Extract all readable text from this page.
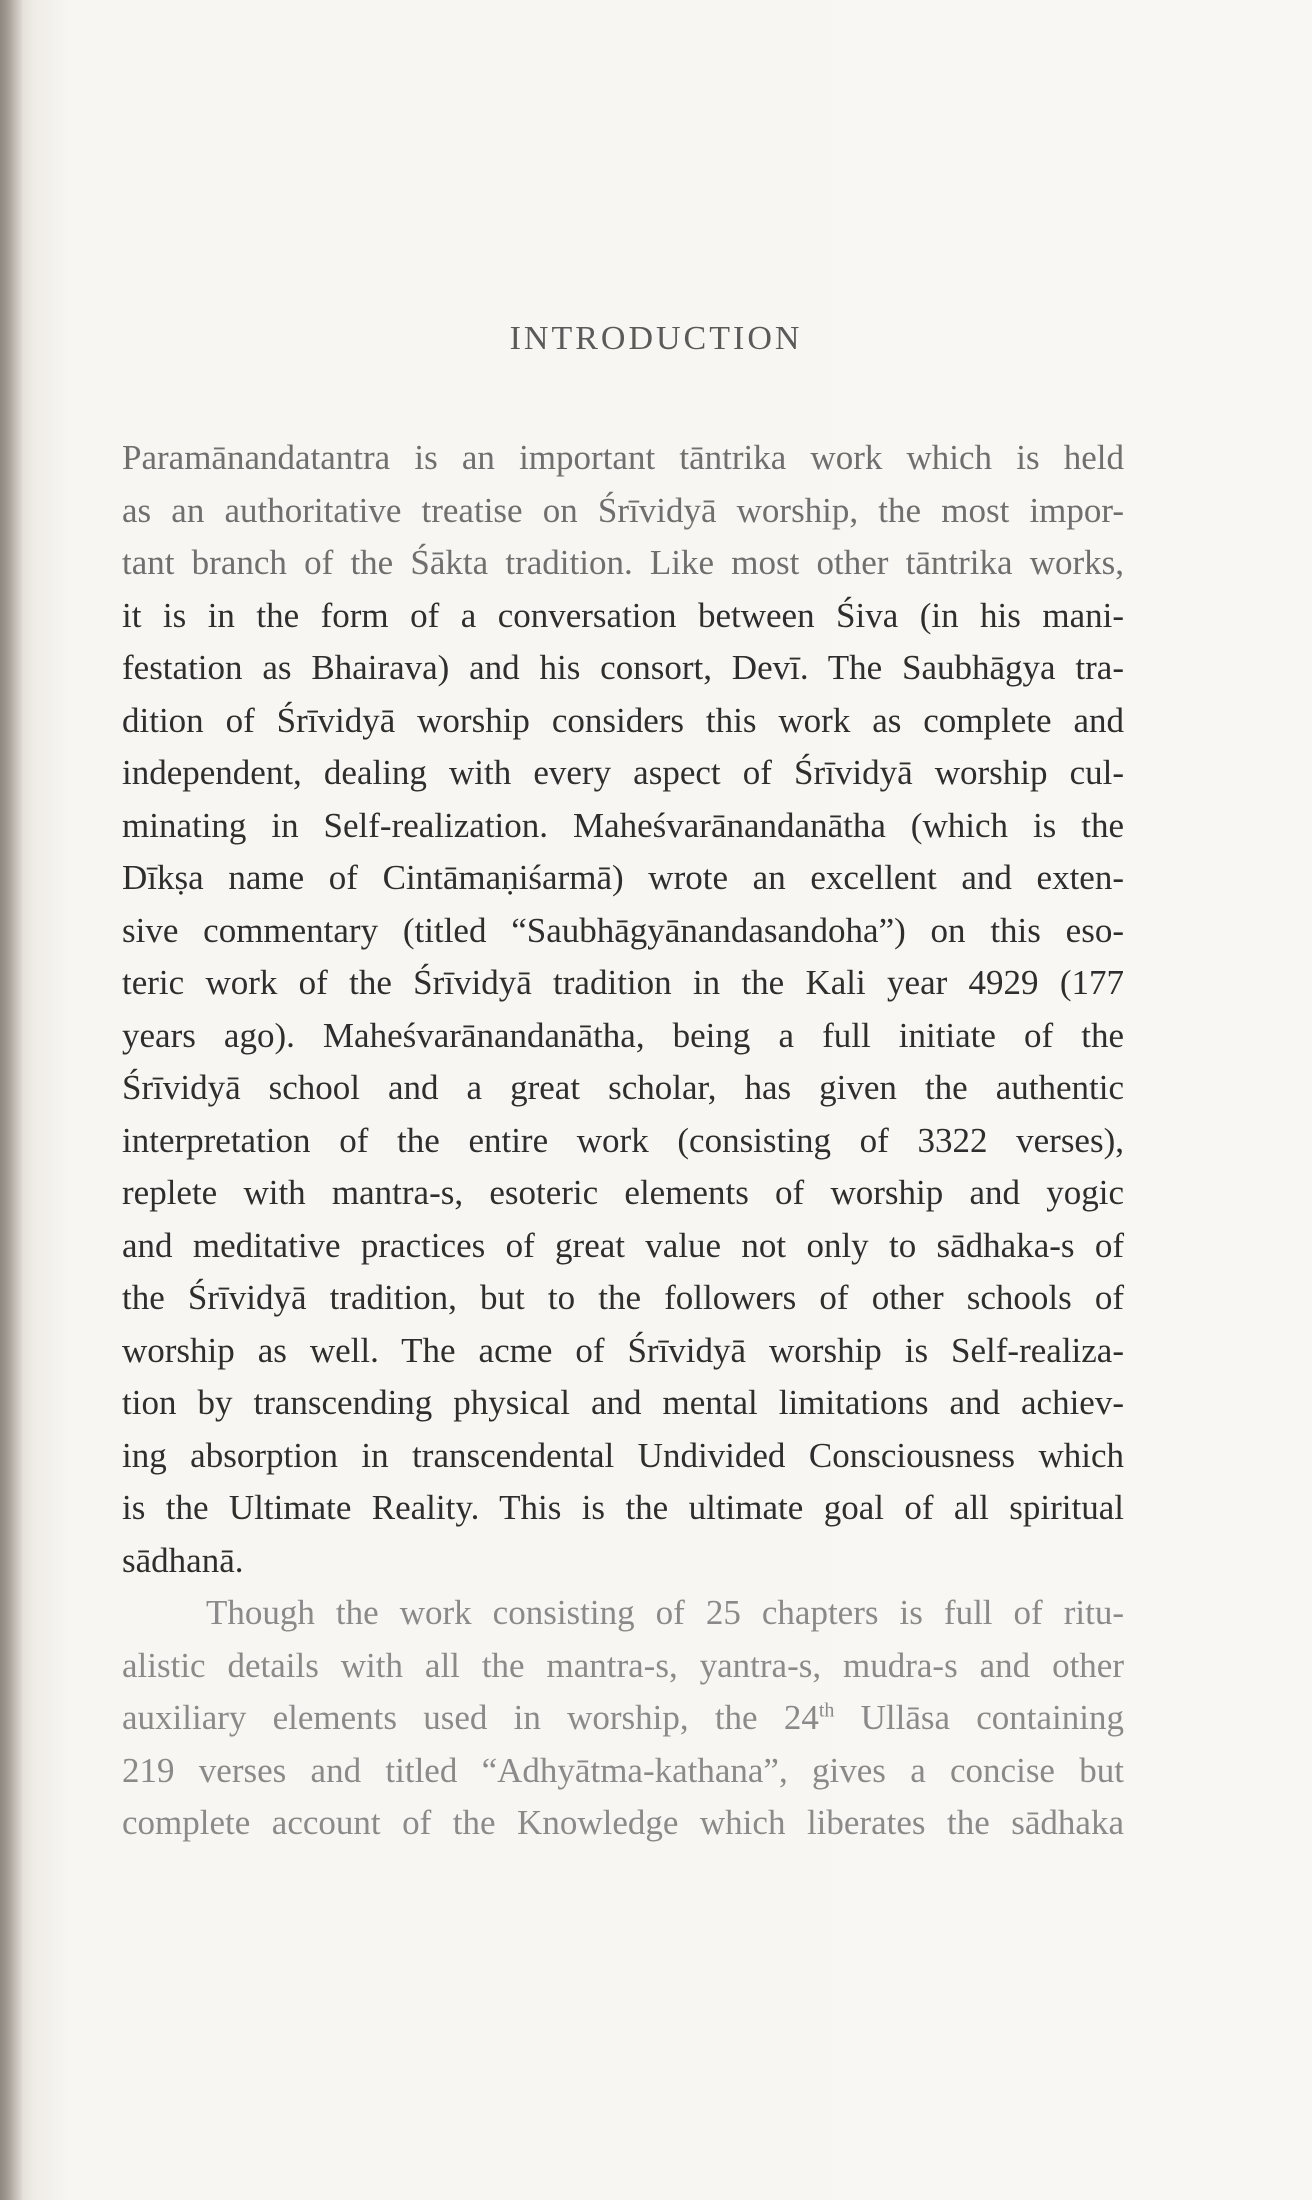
INTRODUCTION
Paramānandatantra is an important tāntrika work which is held
as an authoritative treatise on Śrīvidyā worship, the most impor-
tant branch of the Śākta tradition. Like most other tāntrika works,
it is in the form of a conversation between Śiva (in his mani-
festation as Bhairava) and his consort, Devī. The Saubhāgya tra-
dition of Śrīvidyā worship considers this work as complete and
independent, dealing with every aspect of Śrīvidyā worship cul-
minating in Self-realization. Maheśvarānandanātha (which is the
Dīkṣa name of Cintāmaṇiśarmā) wrote an excellent and exten-
sive commentary (titled “Saubhāgyānandasandoha”) on this eso-
teric work of the Śrīvidyā tradition in the Kali year 4929 (177
years ago). Maheśvarānandanātha, being a full initiate of the
Śrīvidyā school and a great scholar, has given the authentic
interpretation of the entire work (consisting of 3322 verses),
replete with mantra-s, esoteric elements of worship and yogic
and meditative practices of great value not only to sādhaka-s of
the Śrīvidyā tradition, but to the followers of other schools of
worship as well. The acme of Śrīvidyā worship is Self-realiza-
tion by transcending physical and mental limitations and achiev-
ing absorption in transcendental Undivided Consciousness which
is the Ultimate Reality. This is the ultimate goal of all spiritual
sādhanā.
Though the work consisting of 25 chapters is full of ritu-
alistic details with all the mantra-s, yantra-s, mudra-s and other
auxiliary elements used in worship, the 24th Ullāsa containing
219 verses and titled “Adhyātma-kathana”, gives a concise but
complete account of the Knowledge which liberates the sādhaka
